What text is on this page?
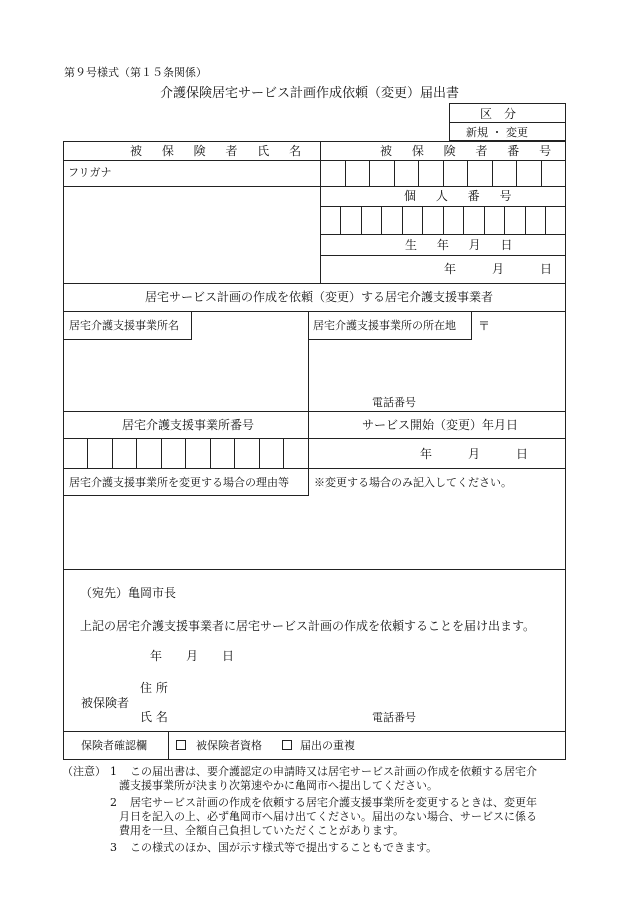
第９号様式（第１５条関係）
介護保険居宅サービス計画作成依頼（変更）届出書
区　分
新規 ・ 変更
被 保 険 者 氏 名	被 保 険 者 番 号
フリガナ
個 人 番 号
生 年 月 日
年　　　月　　　日
居宅サービス計画の作成を依頼（変更）する居宅介護支援事業者
居宅介護支援事業所名	居宅介護支援事業所の所在地 〒
電話番号
居宅介護支援事業所番号	サービス開始（変更）年月日
年　　　月　　　日
居宅介護支援事業所を変更する場合の理由等 ※変更する場合のみ記入してください。
（宛先）亀岡市長
上記の居宅介護支援事業者に居宅サービス計画の作成を依頼することを届け出ます。
年　　月　　日
住 所
被保険者
氏 名	電話番号
保険者確認欄	被保険者資格	届出の重複
（注意） 1 この届出書は、要介護認定の申請時又は居宅サービス計画の作成を依頼する居宅介
護支援事業所が決まり次第速やかに亀岡市へ提出してください。
2 居宅サービス計画の作成を依頼する居宅介護支援事業所を変更するときは、変更年
月日を記入の上、必ず亀岡市へ届け出てください。届出のない場合、サービスに係る
費用を一旦、全額自己負担していただくことがあります。
3 この様式のほか、国が示す様式等で提出することもできます。
